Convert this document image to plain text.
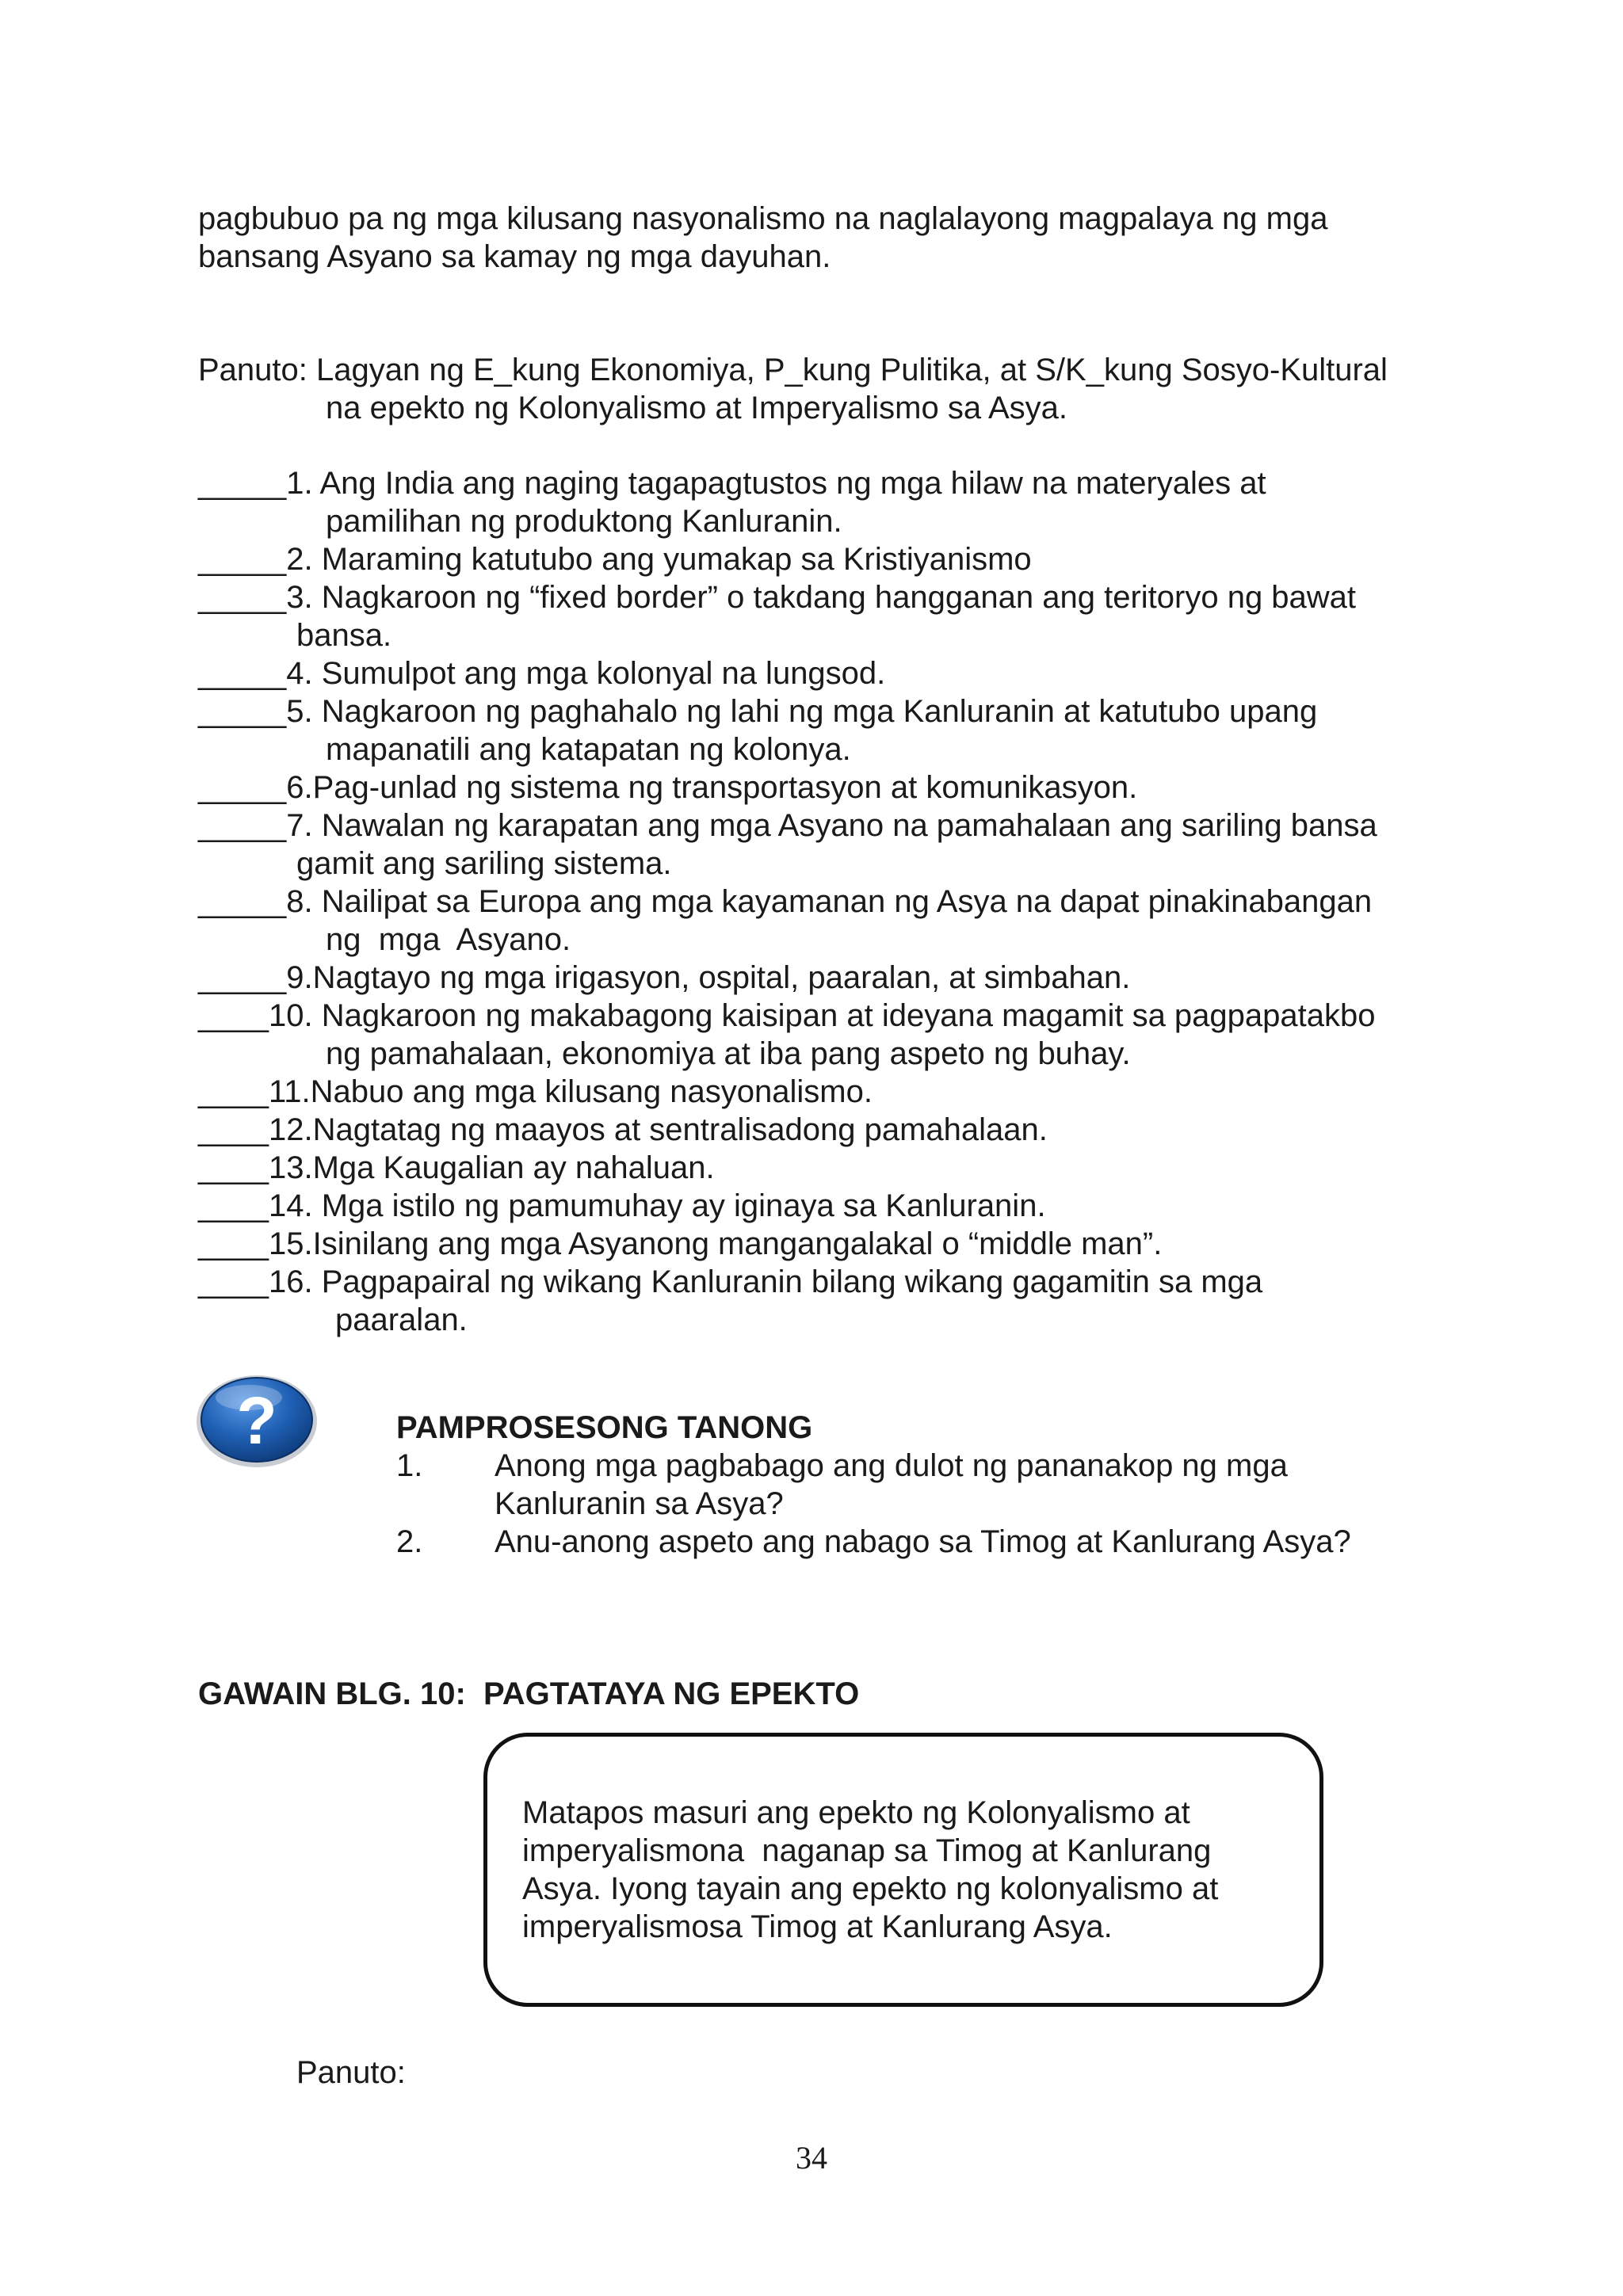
pagbubuo pa ng mga kilusang nasyonalismo na naglalayong magpalaya ng mga
bansang Asyano sa kamay ng mga dayuhan.
Panuto: Lagyan ng E_kung Ekonomiya, P_kung Pulitika, at S/K_kung Sosyo-Kultural
na epekto ng Kolonyalismo at Imperyalismo sa Asya.
_____1. Ang India ang naging tagapagtustos ng mga hilaw na materyales at
pamilihan ng produktong Kanluranin.
_____2. Maraming katutubo ang yumakap sa Kristiyanismo
_____3. Nagkaroon ng “fixed border” o takdang hangganan ang teritoryo ng bawat
bansa.
_____4. Sumulpot ang mga kolonyal na lungsod.
_____5. Nagkaroon ng paghahalo ng lahi ng mga Kanluranin at katutubo upang
mapanatili ang katapatan ng kolonya.
_____6.Pag-unlad ng sistema ng transportasyon at komunikasyon.
_____7. Nawalan ng karapatan ang mga Asyano na pamahalaan ang sariling bansa
gamit ang sariling sistema.
_____8. Nailipat sa Europa ang mga kayamanan ng Asya na dapat pinakinabangan
ng  mga  Asyano.
_____9.Nagtayo ng mga irigasyon, ospital, paaralan, at simbahan.
____10. Nagkaroon ng makabagong kaisipan at ideyana magamit sa pagpapatakbo
ng pamahalaan, ekonomiya at iba pang aspeto ng buhay.
____11.Nabuo ang mga kilusang nasyonalismo.
____12.Nagtatag ng maayos at sentralisadong pamahalaan.
____13.Mga Kaugalian ay nahaluan.
____14. Mga istilo ng pamumuhay ay iginaya sa Kanluranin.
____15.Isinilang ang mga Asyanong mangangalakal o “middle man”.
____16. Pagpapairal ng wikang Kanluranin bilang wikang gagamitin sa mga
paaralan.
?	PAMPROSESONG TANONG
1. Anong mga pagbabago ang dulot ng pananakop ng mga
Kanluranin sa Asya?
2. Anu-anong aspeto ang nabago sa Timog at Kanlurang Asya?
GAWAIN BLG. 10:  PAGTATAYA NG EPEKTO
Matapos masuri ang epekto ng Kolonyalismo at
imperyalismona  naganap sa Timog at Kanlurang
Asya. Iyong tayain ang epekto ng kolonyalismo at
imperyalismosa Timog at Kanlurang Asya.
Panuto:
34
